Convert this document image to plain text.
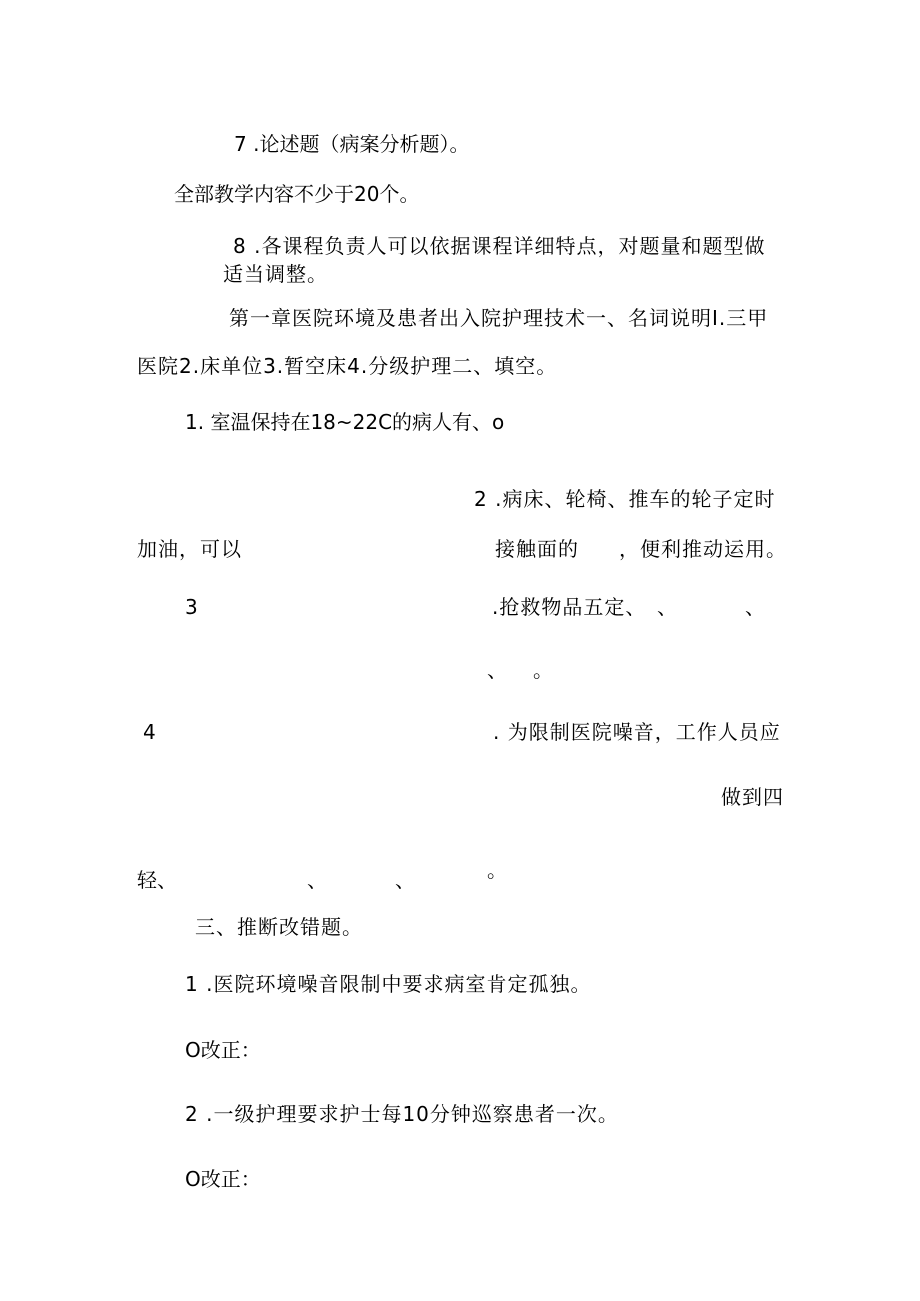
7 .论述题（病案分析题）。
全部教学内容不少于20个。
8 .各课程负责人可以依据课程详细特点，对题量和题型做
适当调整。
第一章医院环境及患者出入院护理技术一、名词说明I.三甲
医院2.床单位3.暂空床4.分级护理二、填空。
1. 室温保持在18~22C的病人有、o
2 .病床、轮椅、推车的轮子定时
加油，可以	接触面的 ，便利推动运用。
3	.抢救物品五定、 、	、
、 。
4	. 为限制医院噪音，工作人员应
做到四
轻、	、	、	。
三、推断改错题。
1 .医院环境噪音限制中要求病室肯定孤独。
O改正：
2 .一级护理要求护士每10分钟巡察患者一次。
O改正：
